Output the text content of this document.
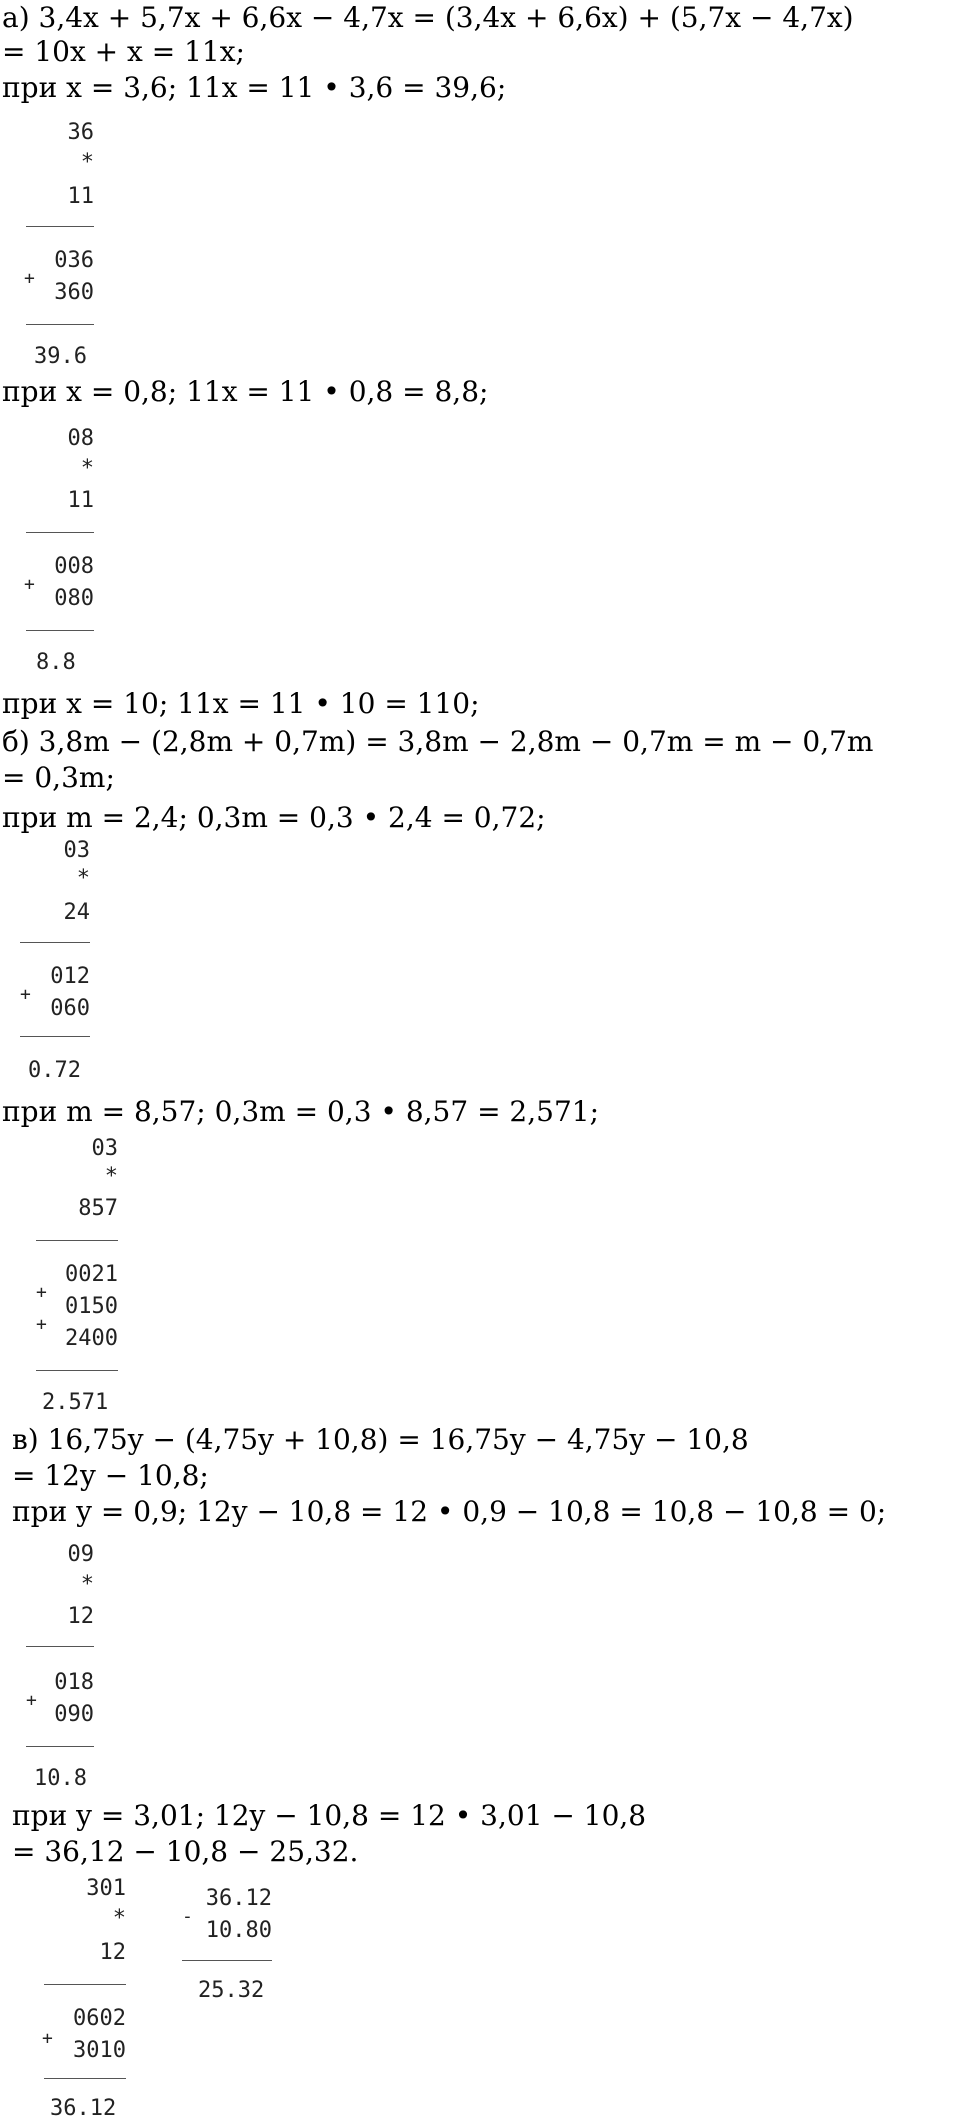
а) 3,4x + 5,7x + 6,6x − 4,7x = (3,4x + 6,6x) + (5,7x − 4,7x)
= 10x + x = 11x;
при x = 3,6; 11x = 11 • 3,6 = 39,6;
36
*
11
+
036
360
39.6
при x = 0,8; 11x = 11 • 0,8 = 8,8;
08
*
11
+
008
080
8.8
при x = 10; 11x = 11 • 10 = 110;
б) 3,8m − (2,8m + 0,7m) = 3,8m − 2,8m − 0,7m = m − 0,7m
= 0,3m;
при m = 2,4; 0,3m = 0,3 • 2,4 = 0,72;
03
*
24
+
012
060
0.72
при m = 8,57; 0,3m = 0,3 • 8,57 = 2,571;
03
*
857
+
+
0021
0150
2400
2.571
в) 16,75y − (4,75y + 10,8) = 16,75y − 4,75y − 10,8
= 12y − 10,8;
при y = 0,9; 12y − 10,8 = 12 • 0,9 − 10,8 = 10,8 − 10,8 = 0;
09
*
12
+
018
090
10.8
при y = 3,01; 12y − 10,8 = 12 • 3,01 − 10,8
= 36,12 − 10,8 − 25,32.
301
*
12
+
0602
3010
36.12
-
36.12
10.80
25.32
